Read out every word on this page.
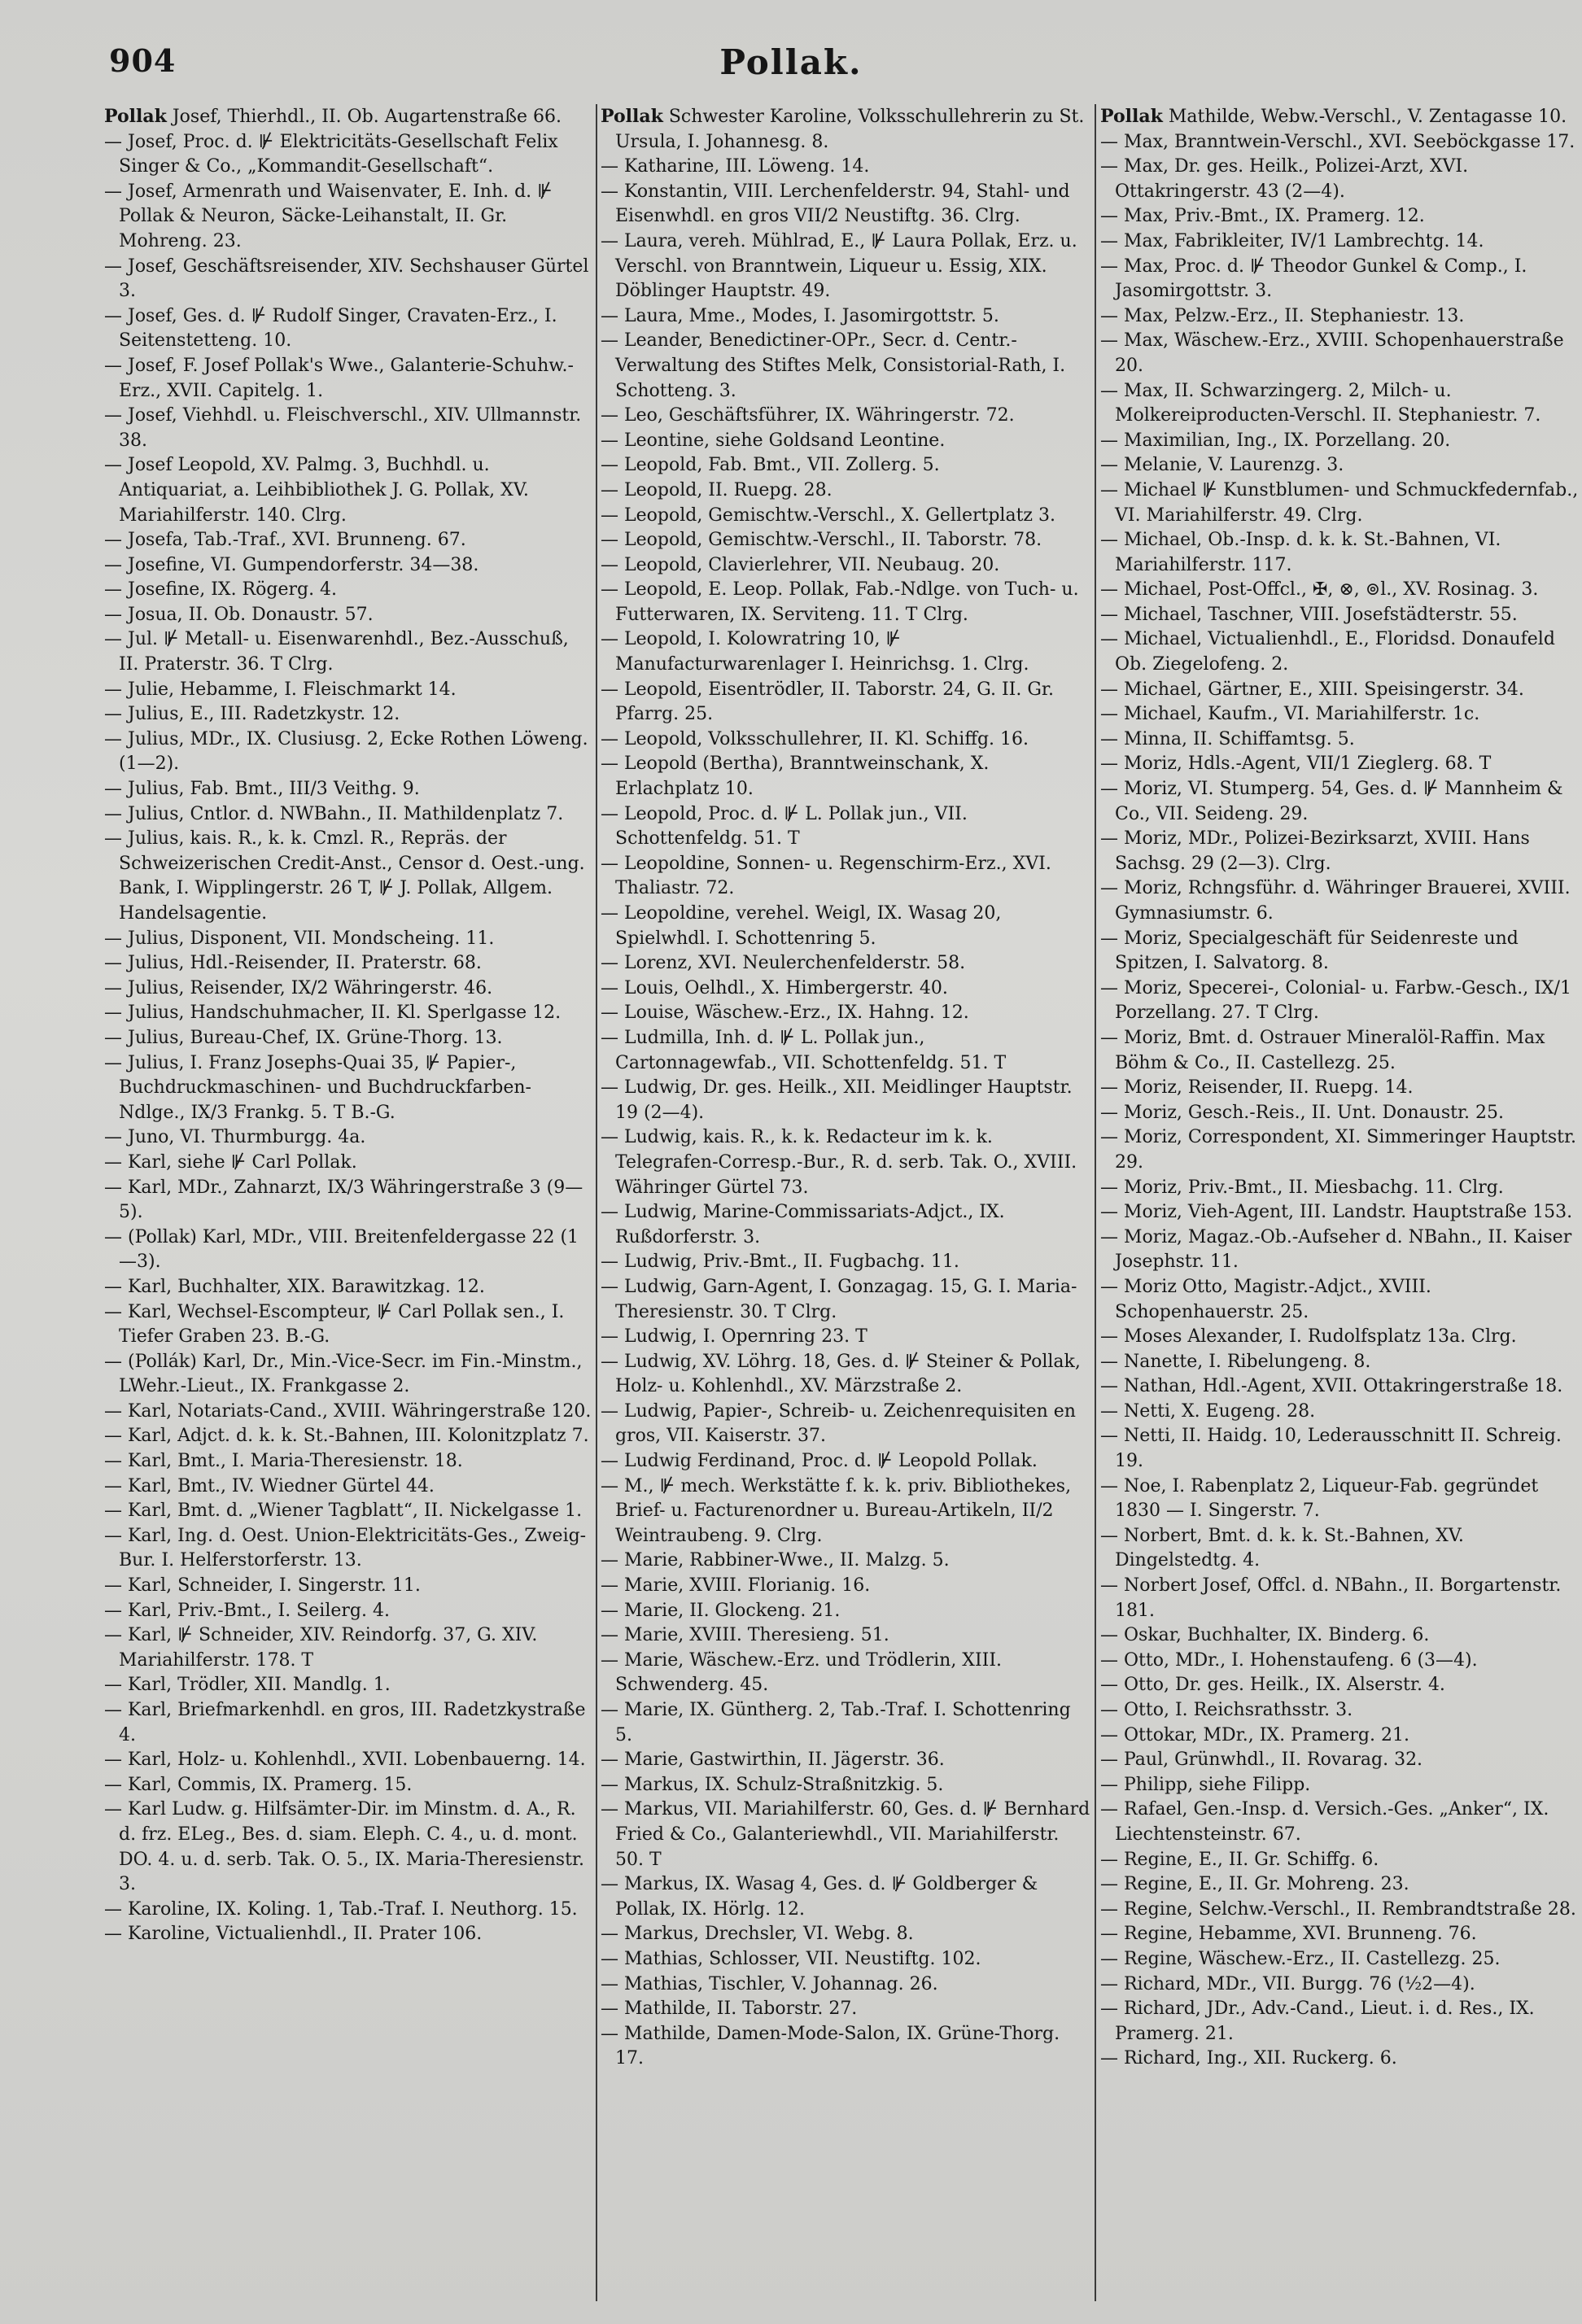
904	Pollak.

Pollak Josef, Thierhdl., II. Ob. Augartenstraße 66.

— Josef, Proc. d. ⊮ Elektricitäts-Gesellschaft Felix Singer & Co., „Kommandit-Gesellschaft“.

— Josef, Armenrath und Waisenvater, E. Inh. d. ⊮ Pollak & Neuron, Säcke-Leihanstalt, II. Gr. Mohreng. 23.

— Josef, Geschäftsreisender, XIV. Sechshauser Gürtel 3.

— Josef, Ges. d. ⊮ Rudolf Singer, Cravaten-Erz., I. Seitenstetteng. 10.

— Josef, F. Josef Pollak's Wwe., Galanterie-Schuhw.-Erz., XVII. Capitelg. 1.

— Josef, Viehhdl. u. Fleischverschl., XIV. Ullmannstr. 38.

— Josef Leopold, XV. Palmg. 3, Buchhdl. u. Antiquariat, a. Leihbibliothek J. G. Pollak, XV. Mariahilferstr. 140. Clrg.

— Josefa, Tab.-Traf., XVI. Brunneng. 67.

— Josefine, VI. Gumpendorferstr. 34—38.

— Josefine, IX. Rögerg. 4.

— Josua, II. Ob. Donaustr. 57.

— Jul. ⊮ Metall- u. Eisenwarenhdl., Bez.-Ausschuß, II. Praterstr. 36. T Clrg.

— Julie, Hebamme, I. Fleischmarkt 14.

— Julius, E., III. Radetzkystr. 12.

— Julius, MDr., IX. Clusiusg. 2, Ecke Rothen Löweng. (1—2).

— Julius, Fab. Bmt., III/3 Veithg. 9.

— Julius, Cntlor. d. NWBahn., II. Mathildenplatz 7.

— Julius, kais. R., k. k. Cmzl. R., Repräs. der Schweizerischen Credit-Anst., Censor d. Oest.-ung. Bank, I. Wipplingerstr. 26 T, ⊮ J. Pollak, Allgem. Handelsagentie.

— Julius, Disponent, VII. Mondscheing. 11.

— Julius, Hdl.-Reisender, II. Praterstr. 68.

— Julius, Reisender, IX/2 Währingerstr. 46.

— Julius, Handschuhmacher, II. Kl. Sperlgasse 12.

— Julius, Bureau-Chef, IX. Grüne-Thorg. 13.

— Julius, I. Franz Josephs-Quai 35, ⊮ Papier-, Buchdruckmaschinen- und Buchdruckfarben-Ndlge., IX/3 Frankg. 5. T B.-G.

— Juno, VI. Thurmburgg. 4a.

— Karl, siehe ⊮ Carl Pollak.

— Karl, MDr., Zahnarzt, IX/3 Währingerstraße 3 (9—5).

— (Pollak) Karl, MDr., VIII. Breitenfeldergasse 22 (1—3).

— Karl, Buchhalter, XIX. Barawitzkag. 12.

— Karl, Wechsel-Escompteur, ⊮ Carl Pollak sen., I. Tiefer Graben 23. B.-G.

— (Pollák) Karl, Dr., Min.-Vice-Secr. im Fin.-Minstm., LWehr.-Lieut., IX. Frankgasse 2.

— Karl, Notariats-Cand., XVIII. Währingerstraße 120.

— Karl, Adjct. d. k. k. St.-Bahnen, III. Kolonitzplatz 7.

— Karl, Bmt., I. Maria-Theresienstr. 18.

— Karl, Bmt., IV. Wiedner Gürtel 44.

— Karl, Bmt. d. „Wiener Tagblatt“, II. Nickelgasse 1.

— Karl, Ing. d. Oest. Union-Elektricitäts-Ges., Zweig-Bur. I. Helferstorferstr. 13.

— Karl, Schneider, I. Singerstr. 11.

— Karl, Priv.-Bmt., I. Seilerg. 4.

— Karl, ⊮ Schneider, XIV. Reindorfg. 37, G. XIV. Mariahilferstr. 178. T

— Karl, Trödler, XII. Mandlg. 1.

— Karl, Briefmarkenhdl. en gros, III. Radetzkystraße 4.

— Karl, Holz- u. Kohlenhdl., XVII. Lobenbauerng. 14.

— Karl, Commis, IX. Pramerg. 15.

— Karl Ludw. g. Hilfsämter-Dir. im Minstm. d. A., R. d. frz. ELeg., Bes. d. siam. Eleph. C. 4., u. d. mont. DO. 4. u. d. serb. Tak. O. 5., IX. Maria-Theresienstr. 3.

— Karoline, IX. Koling. 1, Tab.-Traf. I. Neuthorg. 15.

— Karoline, Victualienhdl., II. Prater 106.

Pollak Schwester Karoline, Volksschullehrerin zu St. Ursula, I. Johannesg. 8.

— Katharine, III. Löweng. 14.

— Konstantin, VIII. Lerchenfelderstr. 94, Stahl- und Eisenwhdl. en gros VII/2 Neustiftg. 36. Clrg.

— Laura, vereh. Mühlrad, E., ⊮ Laura Pollak, Erz. u. Verschl. von Branntwein, Liqueur u. Essig, XIX. Döblinger Hauptstr. 49.

— Laura, Mme., Modes, I. Jasomirgottstr. 5.

— Leander, Benedictiner-OPr., Secr. d. Centr.-Verwaltung des Stiftes Melk, Consistorial-Rath, I. Schotteng. 3.

— Leo, Geschäftsführer, IX. Währingerstr. 72.

— Leontine, siehe Goldsand Leontine.

— Leopold, Fab. Bmt., VII. Zollerg. 5.

— Leopold, II. Ruepg. 28.

— Leopold, Gemischtw.-Verschl., X. Gellertplatz 3.

— Leopold, Gemischtw.-Verschl., II. Taborstr. 78.

— Leopold, Clavierlehrer, VII. Neubaug. 20.

— Leopold, E. Leop. Pollak, Fab.-Ndlge. von Tuch- u. Futterwaren, IX. Serviteng. 11. T Clrg.

— Leopold, I. Kolowratring 10, ⊮ Manufacturwarenlager I. Heinrichsg. 1. Clrg.

— Leopold, Eisentrödler, II. Taborstr. 24, G. II. Gr. Pfarrg. 25.

— Leopold, Volksschullehrer, II. Kl. Schiffg. 16.

— Leopold (Bertha), Branntweinschank, X. Erlachplatz 10.

— Leopold, Proc. d. ⊮ L. Pollak jun., VII. Schottenfeldg. 51. T

— Leopoldine, Sonnen- u. Regenschirm-Erz., XVI. Thaliastr. 72.

— Leopoldine, verehel. Weigl, IX. Wasag 20, Spielwhdl. I. Schottenring 5.

— Lorenz, XVI. Neulerchenfelderstr. 58.

— Louis, Oelhdl., X. Himbergerstr. 40.

— Louise, Wäschew.-Erz., IX. Hahng. 12.

— Ludmilla, Inh. d. ⊮ L. Pollak jun., Cartonnagewfab., VII. Schottenfeldg. 51. T

— Ludwig, Dr. ges. Heilk., XII. Meidlinger Hauptstr. 19 (2—4).

— Ludwig, kais. R., k. k. Redacteur im k. k. Telegrafen-Corresp.-Bur., R. d. serb. Tak. O., XVIII. Währinger Gürtel 73.

— Ludwig, Marine-Commissariats-Adjct., IX. Rußdorferstr. 3.

— Ludwig, Priv.-Bmt., II. Fugbachg. 11.

— Ludwig, Garn-Agent, I. Gonzagag. 15, G. I. Maria-Theresienstr. 30. T Clrg.

— Ludwig, I. Opernring 23. T

— Ludwig, XV. Löhrg. 18, Ges. d. ⊮ Steiner & Pollak, Holz- u. Kohlenhdl., XV. Märzstraße 2.

— Ludwig, Papier-, Schreib- u. Zeichenrequisiten en gros, VII. Kaiserstr. 37.

— Ludwig Ferdinand, Proc. d. ⊮ Leopold Pollak.

— M., ⊮ mech. Werkstätte f. k. k. priv. Bibliothekes, Brief- u. Facturenordner u. Bureau-Artikeln, II/2 Weintraubeng. 9. Clrg.

— Marie, Rabbiner-Wwe., II. Malzg. 5.

— Marie, XVIII. Florianig. 16.

— Marie, II. Glockeng. 21.

— Marie, XVIII. Theresieng. 51.

— Marie, Wäschew.-Erz. und Trödlerin, XIII. Schwenderg. 45.

— Marie, IX. Güntherg. 2, Tab.-Traf. I. Schottenring 5.

— Marie, Gastwirthin, II. Jägerstr. 36.

— Markus, IX. Schulz-Straßnitzkig. 5.

— Markus, VII. Mariahilferstr. 60, Ges. d. ⊮ Bernhard Fried & Co., Galanteriewhdl., VII. Mariahilferstr. 50. T

— Markus, IX. Wasag 4, Ges. d. ⊮ Goldberger & Pollak, IX. Hörlg. 12.

— Markus, Drechsler, VI. Webg. 8.

— Mathias, Schlosser, VII. Neustiftg. 102.

— Mathias, Tischler, V. Johannag. 26.

— Mathilde, II. Taborstr. 27.

— Mathilde, Damen-Mode-Salon, IX. Grüne-Thorg. 17.

Pollak Mathilde, Webw.-Verschl., V. Zentagasse 10.

— Max, Branntwein-Verschl., XVI. Seeböckgasse 17.

— Max, Dr. ges. Heilk., Polizei-Arzt, XVI. Ottakringerstr. 43 (2—4).

— Max, Priv.-Bmt., IX. Pramerg. 12.

— Max, Fabrikleiter, IV/1 Lambrechtg. 14.

— Max, Proc. d. ⊮ Theodor Gunkel & Comp., I. Jasomirgottstr. 3.

— Max, Pelzw.-Erz., II. Stephaniestr. 13.

— Max, Wäschew.-Erz., XVIII. Schopenhauerstraße 20.

— Max, II. Schwarzingerg. 2, Milch- u. Molkereiproducten-Verschl. II. Stephaniestr. 7.

— Maximilian, Ing., IX. Porzellang. 20.

— Melanie, V. Laurenzg. 3.

— Michael ⊮ Kunstblumen- und Schmuckfedernfab., VI. Mariahilferstr. 49. Clrg.

— Michael, Ob.-Insp. d. k. k. St.-Bahnen, VI. Mariahilferstr. 117.

— Michael, Post-Offcl., ✠, ⊗, ⊚l., XV. Rosinag. 3.

— Michael, Taschner, VIII. Josefstädterstr. 55.

— Michael, Victualienhdl., E., Floridsd. Donaufeld Ob. Ziegelofeng. 2.

— Michael, Gärtner, E., XIII. Speisingerstr. 34.

— Michael, Kaufm., VI. Mariahilferstr. 1c.

— Minna, II. Schiffamtsg. 5.

— Moriz, Hdls.-Agent, VII/1 Zieglerg. 68. T

— Moriz, VI. Stumperg. 54, Ges. d. ⊮ Mannheim & Co., VII. Seideng. 29.

— Moriz, MDr., Polizei-Bezirksarzt, XVIII. Hans Sachsg. 29 (2—3). Clrg.

— Moriz, Rchngsführ. d. Währinger Brauerei, XVIII. Gymnasiumstr. 6.

— Moriz, Specialgeschäft für Seidenreste und Spitzen, I. Salvatorg. 8.

— Moriz, Specerei-, Colonial- u. Farbw.-Gesch., IX/1 Porzellang. 27. T Clrg.

— Moriz, Bmt. d. Ostrauer Mineralöl-Raffin. Max Böhm & Co., II. Castellezg. 25.

— Moriz, Reisender, II. Ruepg. 14.

— Moriz, Gesch.-Reis., II. Unt. Donaustr. 25.

— Moriz, Correspondent, XI. Simmeringer Hauptstr. 29.

— Moriz, Priv.-Bmt., II. Miesbachg. 11. Clrg.

— Moriz, Vieh-Agent, III. Landstr. Hauptstraße 153.

— Moriz, Magaz.-Ob.-Aufseher d. NBahn., II. Kaiser Josephstr. 11.

— Moriz Otto, Magistr.-Adjct., XVIII. Schopenhauerstr. 25.

— Moses Alexander, I. Rudolfsplatz 13a. Clrg.

— Nanette, I. Ribelungeng. 8.

— Nathan, Hdl.-Agent, XVII. Ottakringerstraße 18.

— Netti, X. Eugeng. 28.

— Netti, II. Haidg. 10, Lederausschnitt II. Schreig. 19.

— Noe, I. Rabenplatz 2, Liqueur-Fab. gegründet 1830 — I. Singerstr. 7.

— Norbert, Bmt. d. k. k. St.-Bahnen, XV. Dingelstedtg. 4.

— Norbert Josef, Offcl. d. NBahn., II. Borgartenstr. 181.

— Oskar, Buchhalter, IX. Binderg. 6.

— Otto, MDr., I. Hohenstaufeng. 6 (3—4).

— Otto, Dr. ges. Heilk., IX. Alserstr. 4.

— Otto, I. Reichsrathsstr. 3.

— Ottokar, MDr., IX. Pramerg. 21.

— Paul, Grünwhdl., II. Rovarag. 32.

— Philipp, siehe Filipp.

— Rafael, Gen.-Insp. d. Versich.-Ges. „Anker“, IX. Liechtensteinstr. 67.

— Regine, E., II. Gr. Schiffg. 6.

— Regine, E., II. Gr. Mohreng. 23.

— Regine, Selchw.-Verschl., II. Rembrandtstraße 28.

— Regine, Hebamme, XVI. Brunneng. 76.

— Regine, Wäschew.-Erz., II. Castellezg. 25.

— Richard, MDr., VII. Burgg. 76 (½2—4).

— Richard, JDr., Adv.-Cand., Lieut. i. d. Res., IX. Pramerg. 21.

— Richard, Ing., XII. Ruckerg. 6.
